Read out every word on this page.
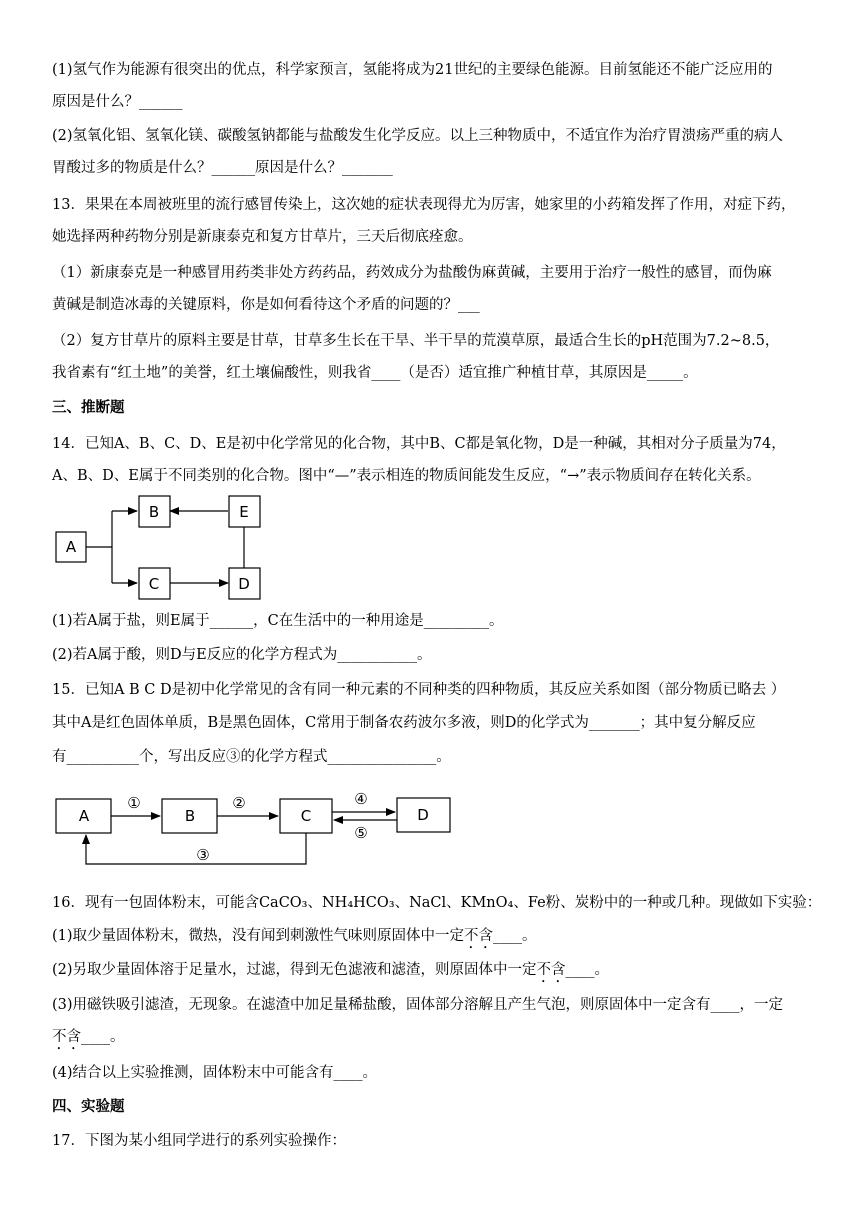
(1)氢气作为能源有很突出的优点，科学家预言，氢能将成为21世纪的主要绿色能源。目前氢能还不能广泛应用的
原因是什么？______
(2)氢氧化铝、氢氧化镁、碳酸氢钠都能与盐酸发生化学反应。以上三种物质中，不适宜作为治疗胃溃疡严重的病人
胃酸过多的物质是什么？______原因是什么？_______
13．果果在本周被班里的流行感冒传染上，这次她的症状表现得尤为厉害，她家里的小药箱发挥了作用，对症下药，
她选择两种药物分别是新康泰克和复方甘草片，三天后彻底痊愈。
（1）新康泰克是一种感冒用药类非处方药药品，药效成分为盐酸伪麻黄碱，主要用于治疗一般性的感冒，而伪麻
黄碱是制造冰毒的关键原料，你是如何看待这个矛盾的问题的？___
（2）复方甘草片的原料主要是甘草，甘草多生长在干旱、半干旱的荒漠草原，最适合生长的pH范围为7.2~8.5，
我省素有“红土地”的美誉，红土壤偏酸性，则我省____（是否）适宜推广种植甘草，其原因是_____。
三、推断题
14．已知A、B、C、D、E是初中化学常见的化合物，其中B、C都是氧化物，D是一种碱，其相对分子质量为74，
A、B、D、E属于不同类别的化合物。图中“—”表示相连的物质间能发生反应，“→”表示物质间存在转化关系。
A
B	E
C	D
A	B	C	D
①	②	④
⑤
③
(1)若A属于盐，则E属于______，C在生活中的一种用途是_________。
(2)若A属于酸，则D与E反应的化学方程式为___________。
15．已知A B C D是初中化学常见的含有同一种元素的不同种类的四种物质，其反应关系如图（部分物质已略去 ）
其中A是红色固体单质，B是黑色固体，C常用于制备农药波尔多液，则D的化学式为_______；其中复分解反应
有__________个，写出反应③的化学方程式_______________。
16．现有一包固体粉末，可能含CaCO₃、NH₄HCO₃、NaCl、KMnO₄、Fe粉、炭粉中的一种或几种。现做如下实验：
(1)取少量固体粉末，微热，没有闻到刺激性气味则原固体中一定不含____。
(2)另取少量固体溶于足量水，过滤，得到无色滤液和滤渣，则原固体中一定不含____。
(3)用磁铁吸引滤渣，无现象。在滤渣中加足量稀盐酸，固体部分溶解且产生气泡，则原固体中一定含有____，一定
不含____。
(4)结合以上实验推测，固体粉末中可能含有____。
四、实验题
17．下图为某小组同学进行的系列实验操作：
